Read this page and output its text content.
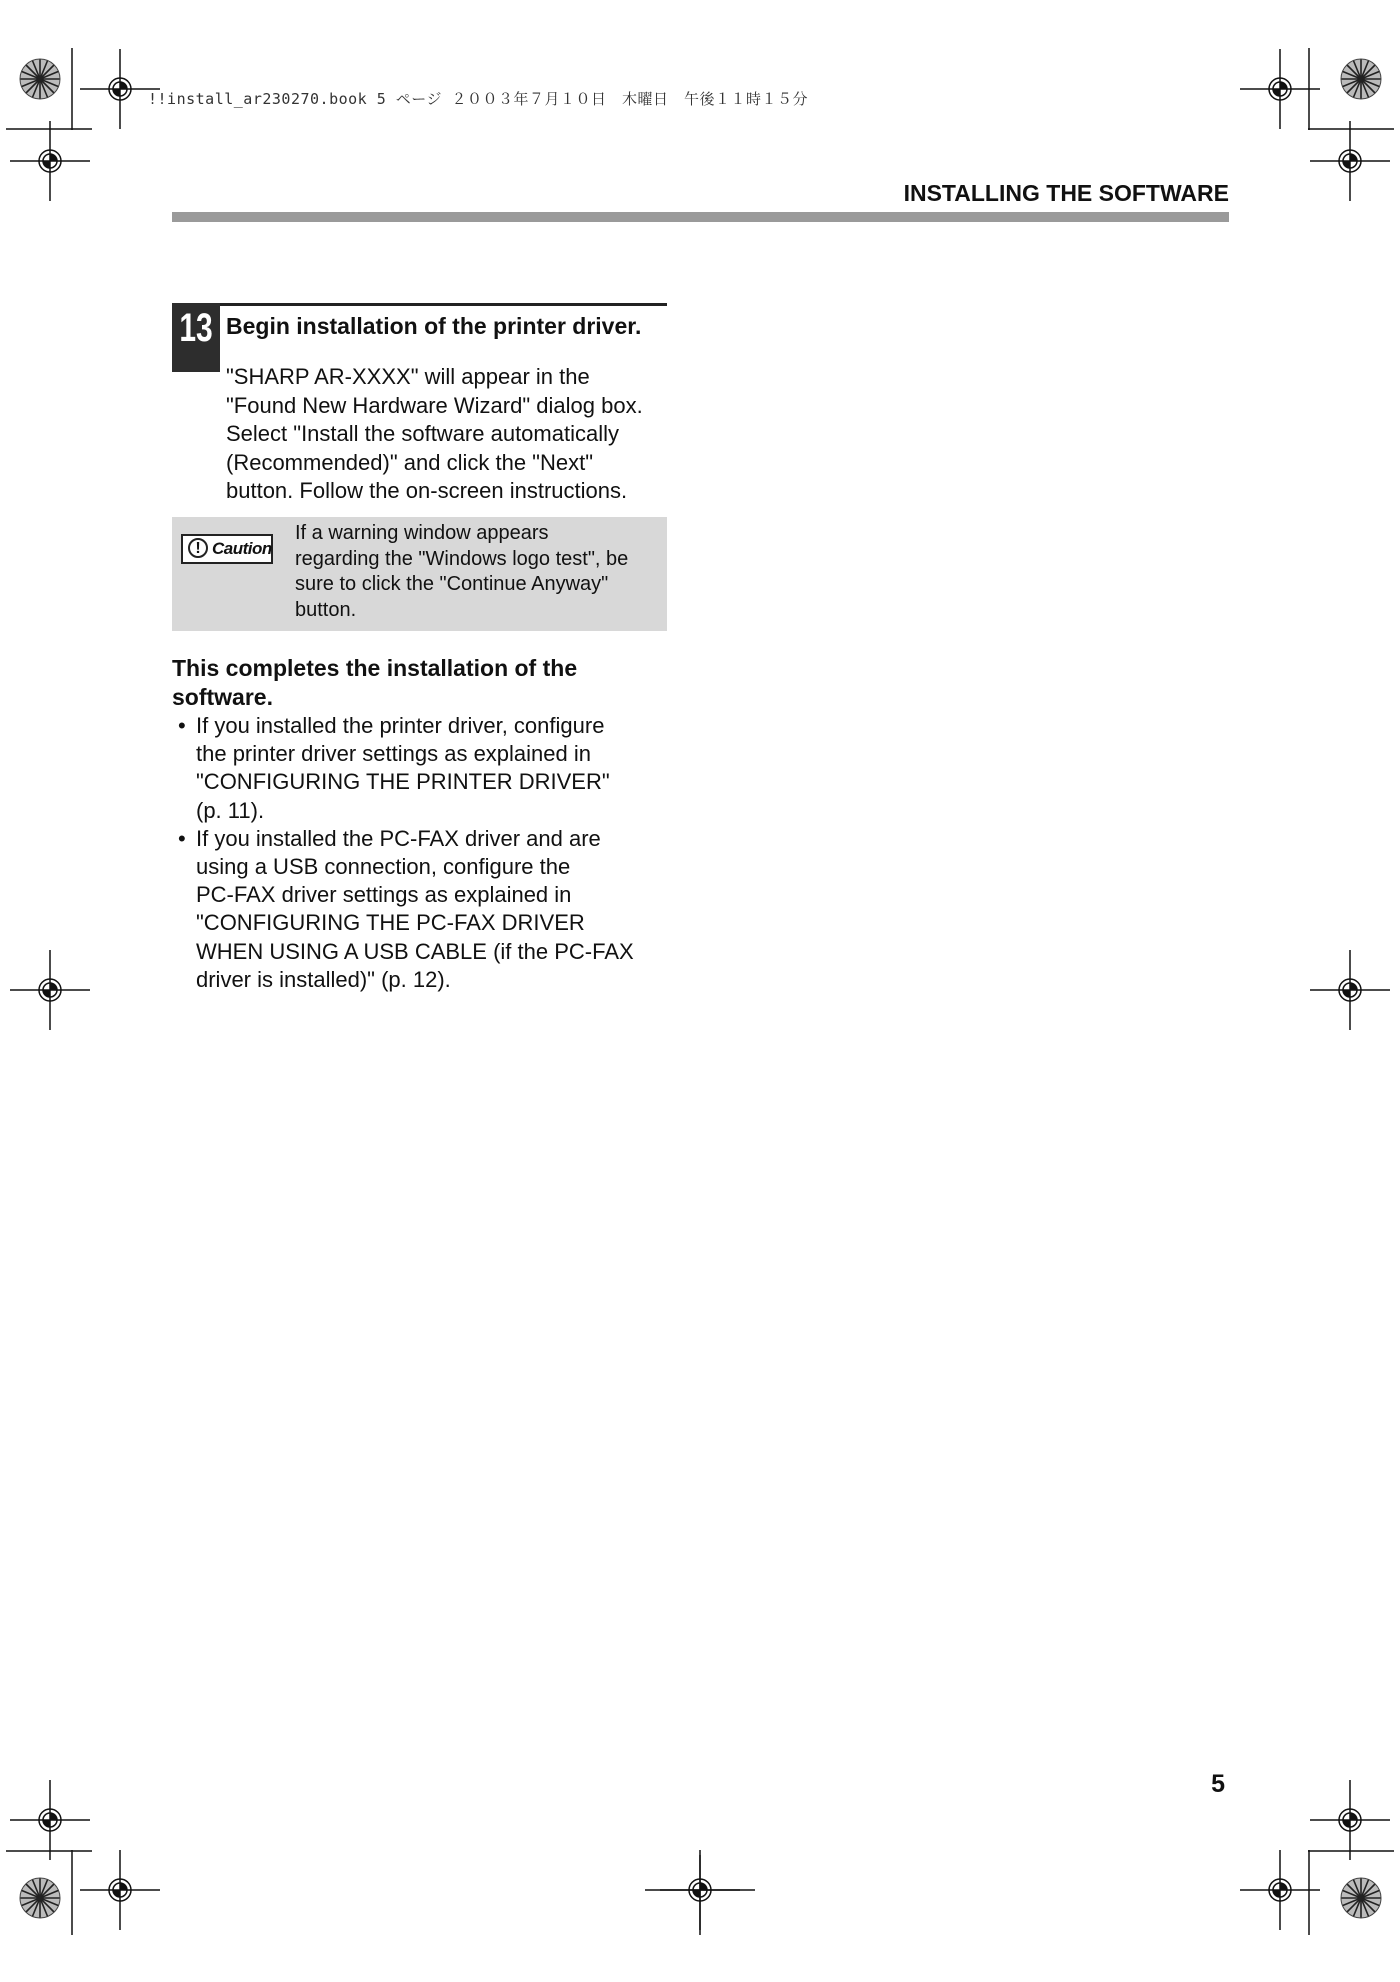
!!install_ar230270.book 5 ページ ２００３年７月１０日　木曜日　午後１１時１５分
INSTALLING THE SOFTWARE
13 Begin installation of the printer driver.
"SHARP AR-XXXX" will appear in the
"Found New Hardware Wizard" dialog box.
Select "Install the software automatically
(Recommended)" and click the "Next"
button. Follow the on-screen instructions.
! Caution
If a warning window appears
regarding the "Windows logo test", be
sure to click the "Continue Anyway"
button.
This completes the installation of the
software.
• If you installed the printer driver, configure
the printer driver settings as explained in
"CONFIGURING THE PRINTER DRIVER"
(p. 11).
• If you installed the PC-FAX driver and are
using a USB connection, configure the
PC-FAX driver settings as explained in
"CONFIGURING THE PC-FAX DRIVER
WHEN USING A USB CABLE (if the PC-FAX
driver is installed)" (p. 12).
5
